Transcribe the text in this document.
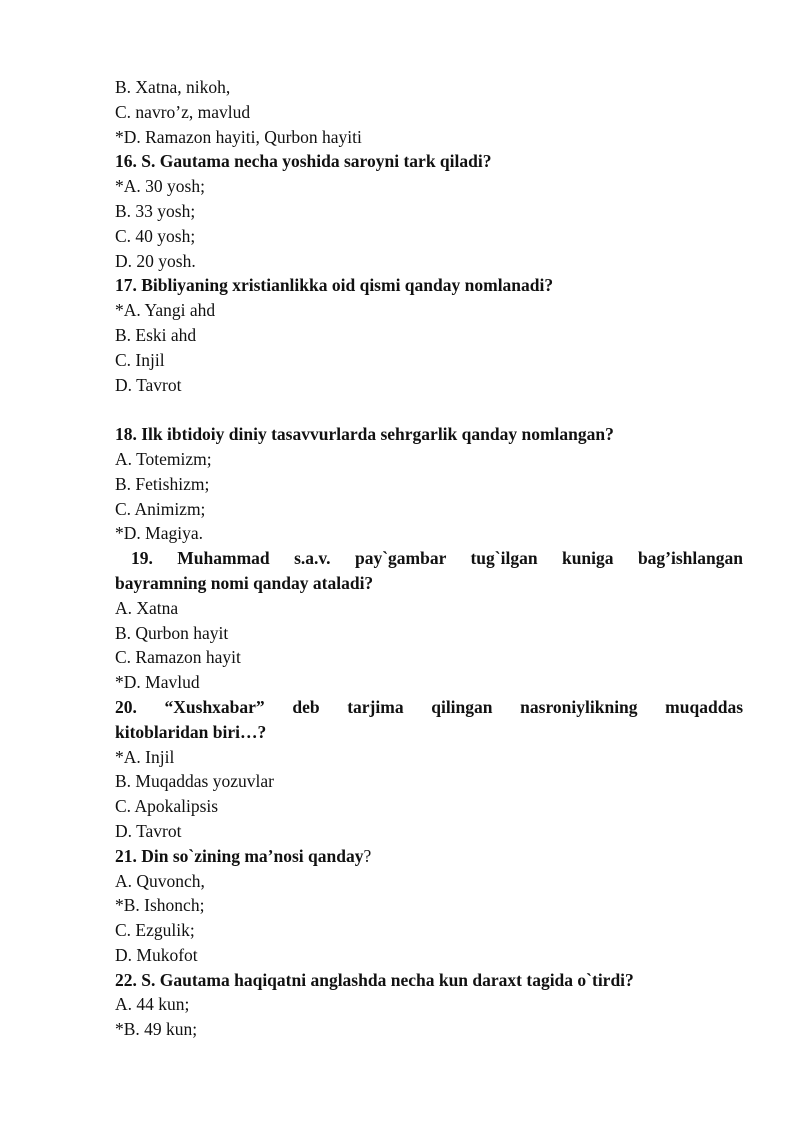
B. Xatna, nikoh,
C. navro’z, mavlud
*D. Ramazon hayiti, Qurbon hayiti
16. S. Gautama necha yoshida saroyni tark qiladi?
*A. 30 yosh;
B. 33 yosh;
C. 40 yosh;
D. 20 yosh.
17. Bibliyaning xristianlikka oid qismi qanday nomlanadi?
*A. Yangi ahd
B. Eski ahd
C. Injil
D. Tavrot
18. Ilk ibtidoiy diniy tasavvurlarda sehrgarlik qanday nomlangan?
A. Totemizm;
B. Fetishizm;
C. Animizm;
*D. Magiya.
19. Muhammad s.a.v. pay`gambar tug`ilgan kuniga bag’ishlangan
bayramning nomi qanday ataladi?
A. Xatna
B. Qurbon hayit
C. Ramazon hayit
*D. Mavlud
20. “Xushxabar” deb tarjima qilingan nasroniylikning muqaddas
kitoblaridan biri…?
*A. Injil
B. Muqaddas yozuvlar
C. Apokalipsis
D. Tavrot
21. Din so`zining ma’nosi qanday?
A. Quvonch,
*B. Ishonch;
C. Ezgulik;
D. Mukofot
22. S. Gautama haqiqatni anglashda necha kun daraxt tagida o`tirdi?
A. 44 kun;
*B. 49 kun;
